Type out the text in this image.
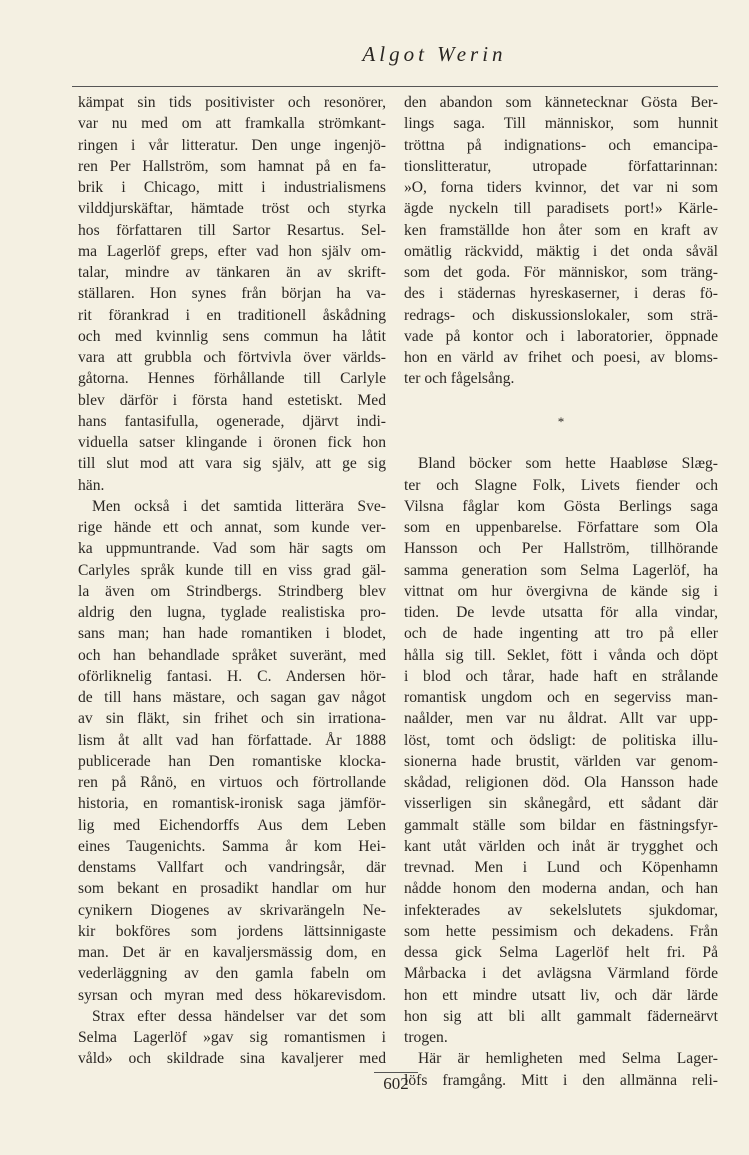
Algot Werin
kämpat sin tids positivister och resonörer,
var nu med om att framkalla strömkant-
ringen i vår litteratur. Den unge ingenjö-
ren Per Hallström, som hamnat på en fa-
brik i Chicago, mitt i industrialismens
vilddjurskäftar, hämtade tröst och styrka
hos författaren till Sartor Resartus. Sel-
ma Lagerlöf greps, efter vad hon själv om-
talar, mindre av tänkaren än av skrift-
ställaren. Hon synes från början ha va-
rit förankrad i en traditionell åskådning
och med kvinnlig sens commun ha låtit
vara att grubbla och förtvivla över världs-
gåtorna. Hennes förhållande till Carlyle
blev därför i första hand estetiskt. Med
hans fantasifulla, ogenerade, djärvt indi-
viduella satser klingande i öronen fick hon
till slut mod att vara sig själv, att ge sig
hän.
Men också i det samtida litterära Sve-
rige hände ett och annat, som kunde ver-
ka uppmuntrande. Vad som här sagts om
Carlyles språk kunde till en viss grad gäl-
la även om Strindbergs. Strindberg blev
aldrig den lugna, tyglade realistiska pro-
sans man; han hade romantiken i blodet,
och han behandlade språket suveränt, med
oförliknelig fantasi. H. C. Andersen hör-
de till hans mästare, och sagan gav något
av sin fläkt, sin frihet och sin irrationa-
lism åt allt vad han författade. År 1888
publicerade han Den romantiske klocka-
ren på Rånö, en virtuos och förtrollande
historia, en romantisk-ironisk saga jämför-
lig med Eichendorffs Aus dem Leben
eines Taugenichts. Samma år kom Hei-
denstams Vallfart och vandringsår, där
som bekant en prosadikt handlar om hur
cynikern Diogenes av skrivarängeln Ne-
kir bokföres som jordens lättsinnigaste
man. Det är en kavaljersmässig dom, en
vederläggning av den gamla fabeln om
syrsan och myran med dess hökarevisdom.
Strax efter dessa händelser var det som
Selma Lagerlöf »gav sig romantismen i
våld» och skildrade sina kavaljerer med
den abandon som kännetecknar Gösta Ber-
lings saga. Till människor, som hunnit
tröttna på indignations- och emancipa-
tionslitteratur, utropade författarinnan:
»O, forna tiders kvinnor, det var ni som
ägde nyckeln till paradisets port!» Kärle-
ken framställde hon åter som en kraft av
omätlig räckvidd, mäktig i det onda såväl
som det goda. För människor, som träng-
des i städernas hyreskaserner, i deras fö-
redrags- och diskussionslokaler, som strä-
vade på kontor och i laboratorier, öppnade
hon en värld av frihet och poesi, av bloms-
ter och fågelsång.
*
Bland böcker som hette Haabløse Slæg-
ter och Slagne Folk, Livets fiender och
Vilsna fåglar kom Gösta Berlings saga
som en uppenbarelse. Författare som Ola
Hansson och Per Hallström, tillhörande
samma generation som Selma Lagerlöf, ha
vittnat om hur övergivna de kände sig i
tiden. De levde utsatta för alla vindar,
och de hade ingenting att tro på eller
hålla sig till. Seklet, fött i vånda och döpt
i blod och tårar, hade haft en strålande
romantisk ungdom och en segerviss man-
naålder, men var nu åldrat. Allt var upp-
löst, tomt och ödsligt: de politiska illu-
sionerna hade brustit, världen var genom-
skådad, religionen död. Ola Hansson hade
visserligen sin skånegård, ett sådant där
gammalt ställe som bildar en fästningsfyr-
kant utåt världen och inåt är trygghet och
trevnad. Men i Lund och Köpenhamn
nådde honom den moderna andan, och han
infekterades av sekelslutets sjukdomar,
som hette pessimism och dekadens. Från
dessa gick Selma Lagerlöf helt fri. På
Mårbacka i det avlägsna Värmland förde
hon ett mindre utsatt liv, och där lärde
hon sig att bli allt gammalt fäderneärvt
trogen.
Här är hemligheten med Selma Lager-
löfs framgång. Mitt i den allmänna reli-
602
